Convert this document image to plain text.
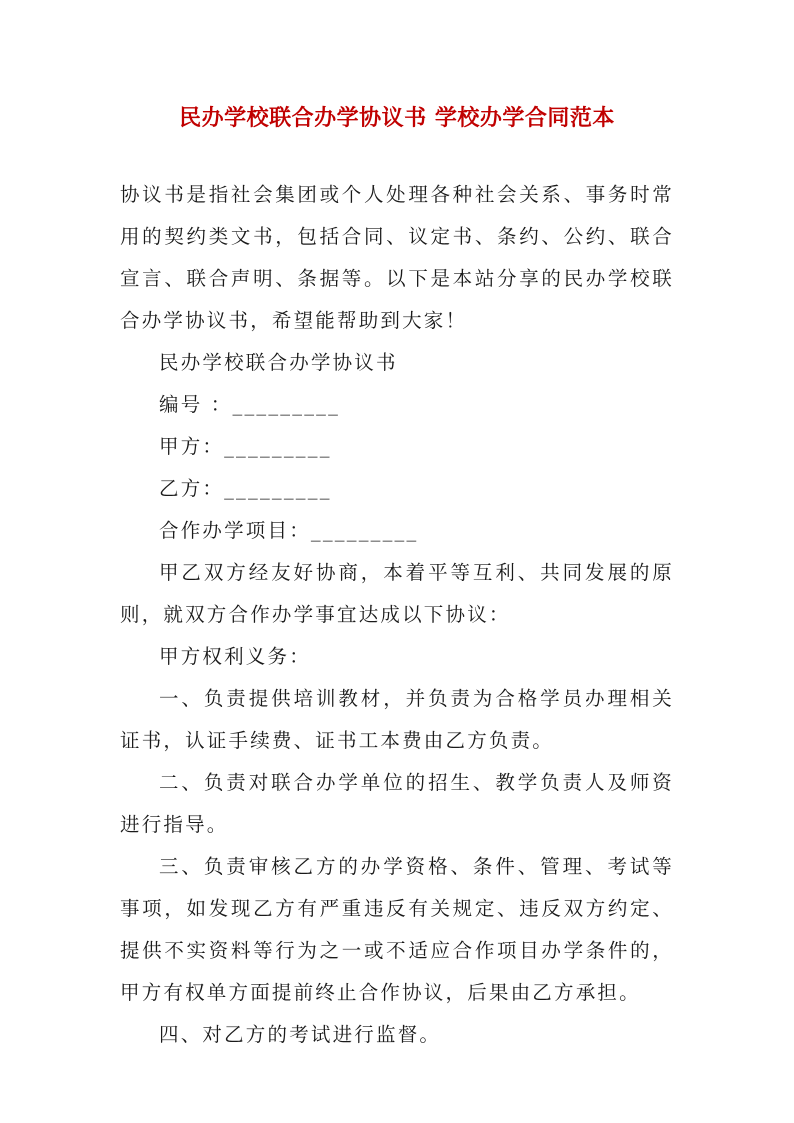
民办学校联合办学协议书 学校办学合同范本

协议书是指社会集团或个人处理各种社会关系、事务时常用的契约类文书，包括合同、议定书、条约、公约、联合宣言、联合声明、条据等。以下是本站分享的民办学校联合办学协议书，希望能帮助到大家！

民办学校联合办学协议书

编号 ：_________

甲方：_________

乙方：_________

合作办学项目：_________

甲乙双方经友好协商，本着平等互利、共同发展的原则，就双方合作办学事宜达成以下协议：

甲方权利义务：

一、负责提供培训教材，并负责为合格学员办理相关证书，认证手续费、证书工本费由乙方负责。

二、负责对联合办学单位的招生、教学负责人及师资进行指导。

三、负责审核乙方的办学资格、条件、管理、考试等事项，如发现乙方有严重违反有关规定、违反双方约定、提供不实资料等行为之一或不适应合作项目办学条件的，甲方有权单方面提前终止合作协议，后果由乙方承担。

四、对乙方的考试进行监督。
